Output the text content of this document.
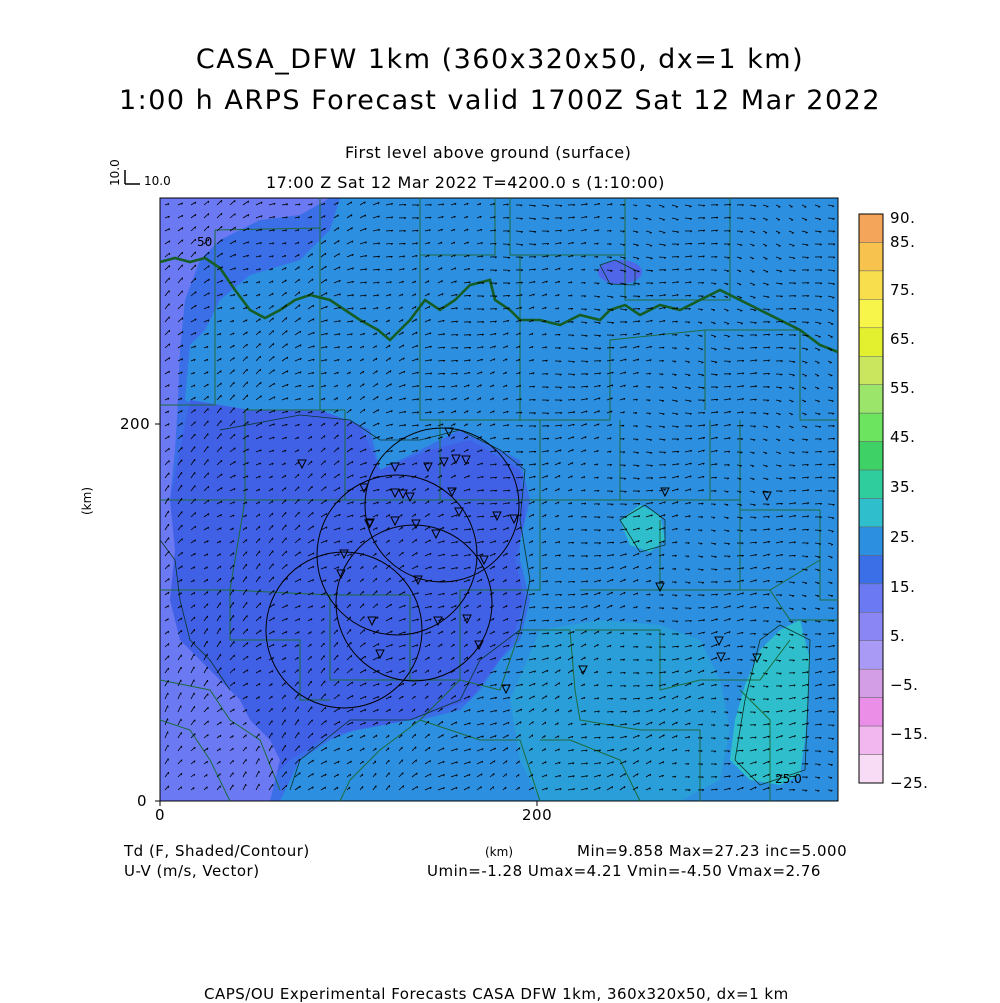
CASA_DFW 1km (360x320x50, dx=1 km)
1:00 h ARPS Forecast valid 1700Z Sat 12 Mar 2022
First level above ground (surface)
17:00 Z Sat 12 Mar 2022 T=4200.0 s (1:10:00)
10.0 10.0
50
25.0
0	200
0
200
(km)
(km)
90.
85.
75.
65.
55.
45.
35.
25.
15.
5.
−5.
−15.
−25.
Td (F, Shaded/Contour)
U-V (m/s, Vector)
Min=9.858 Max=27.23 inc=5.000
Umin=-1.28 Umax=4.21 Vmin=-4.50 Vmax=2.76
CAPS/OU Experimental Forecasts CASA DFW 1km, 360x320x50, dx=1 km
